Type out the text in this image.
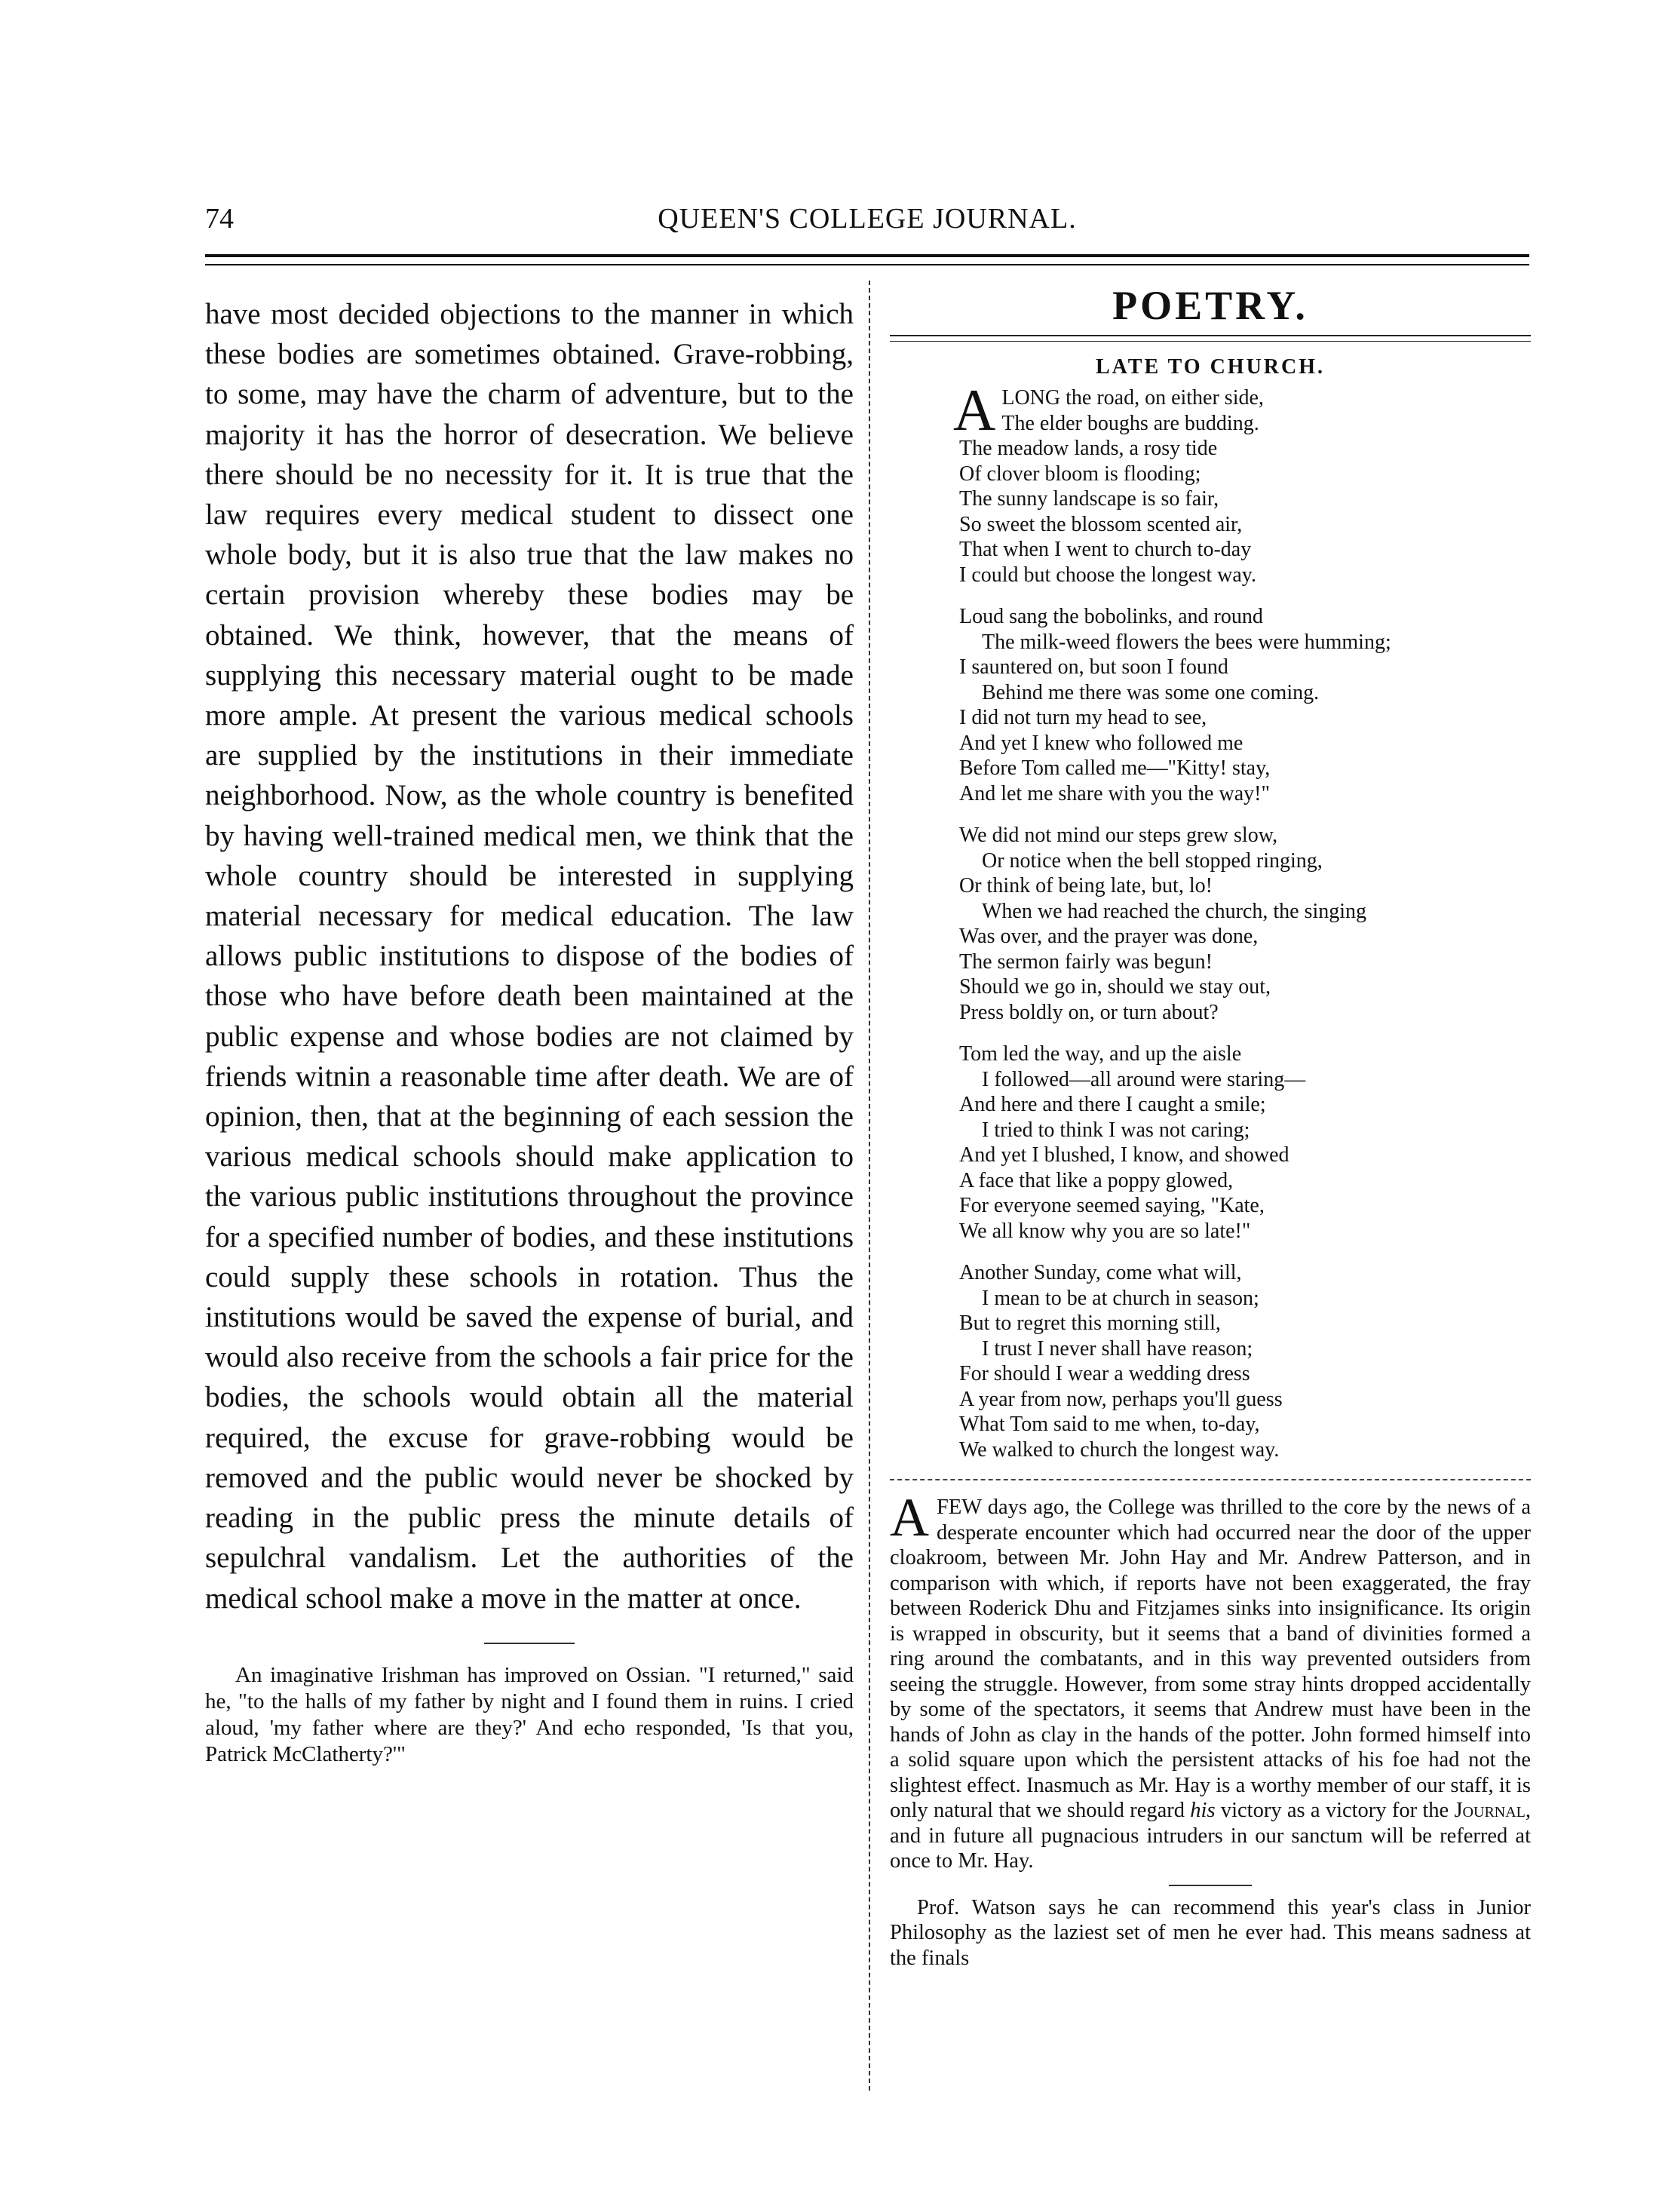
74	QUEEN'S COLLEGE JOURNAL.

have most decided objections to the manner in which these bodies are sometimes obtained. Grave-robbing, to some, may have the charm of adventure, but to the majority it has the horror of desecration. We believe there should be no necessity for it. It is true that the law requires every medical student to dissect one whole body, but it is also true that the law makes no certain provision whereby these bodies may be obtained. We think, however, that the means of supplying this necessary material ought to be made more ample. At present the various medical schools are supplied by the institutions in their immediate neighborhood. Now, as the whole country is benefited by having well-trained medical men, we think that the whole country should be interested in supplying material necessary for medical education. The law allows public institutions to dispose of the bodies of those who have before death been maintained at the public expense and whose bodies are not claimed by friends witnin a reasonable time after death. We are of opinion, then, that at the beginning of each session the various medical schools should make application to the various public institutions throughout the province for a specified number of bodies, and these institutions could supply these schools in rotation. Thus the institutions would be saved the expense of burial, and would also receive from the schools a fair price for the bodies, the schools would obtain all the material required, the excuse for grave-robbing would be removed and the public would never be shocked by reading in the public press the minute details of sepulchral vandalism. Let the authorities of the medical school make a move in the matter at once.

An imaginative Irishman has improved on Ossian. "I returned," said he, "to the halls of my father by night and I found them in ruins. I cried aloud, 'my father where are they?' And echo responded, 'Is that you, Patrick McClatherty?'"

POETRY.
LATE TO CHURCH.
A LONG the road, on either side,
The elder boughs are budding.
The meadow lands, a rosy tide
Of clover bloom is flooding;
The sunny landscape is so fair,
So sweet the blossom scented air,
That when I went to church to-day
I could but choose the longest way.
Loud sang the bobolinks, and round
The milk-weed flowers the bees were humming;
I sauntered on, but soon I found
Behind me there was some one coming.
I did not turn my head to see,
And yet I knew who followed me
Before Tom called me—"Kitty! stay,
And let me share with you the way!"
We did not mind our steps grew slow,
Or notice when the bell stopped ringing,
Or think of being late, but, lo!
When we had reached the church, the singing
Was over, and the prayer was done,
The sermon fairly was begun!
Should we go in, should we stay out,
Press boldly on, or turn about?
Tom led the way, and up the aisle
I followed—all around were staring—
And here and there I caught a smile;
I tried to think I was not caring;
And yet I blushed, I know, and showed
A face that like a poppy glowed,
For everyone seemed saying, "Kate,
We all know why you are so late!"
Another Sunday, come what will,
I mean to be at church in season;
But to regret this morning still,
I trust I never shall have reason;
For should I wear a wedding dress
A year from now, perhaps you'll guess
What Tom said to me when, to-day,
We walked to church the longest way.

AFEW days ago, the College was thrilled to the core by the news of a desperate encounter which had occurred near the door of the upper cloakroom, between Mr. John Hay and Mr. Andrew Patterson, and in comparison with which, if reports have not been exaggerated, the fray between Roderick Dhu and Fitzjames sinks into insignificance. Its origin is wrapped in obscurity, but it seems that a band of divinities formed a ring around the combatants, and in this way prevented outsiders from seeing the struggle. However, from some stray hints dropped accidentally by some of the spectators, it seems that Andrew must have been in the hands of John as clay in the hands of the potter. John formed himself into a solid square upon which the persistent attacks of his foe had not the slightest effect. Inasmuch as Mr. Hay is a worthy member of our staff, it is only natural that we should regard his victory as a victory for the Journal, and in future all pugnacious intruders in our sanctum will be referred at once to Mr. Hay.

Prof. Watson says he can recommend this year's class in Junior Philosophy as the laziest set of men he ever had. This means sadness at the finals
